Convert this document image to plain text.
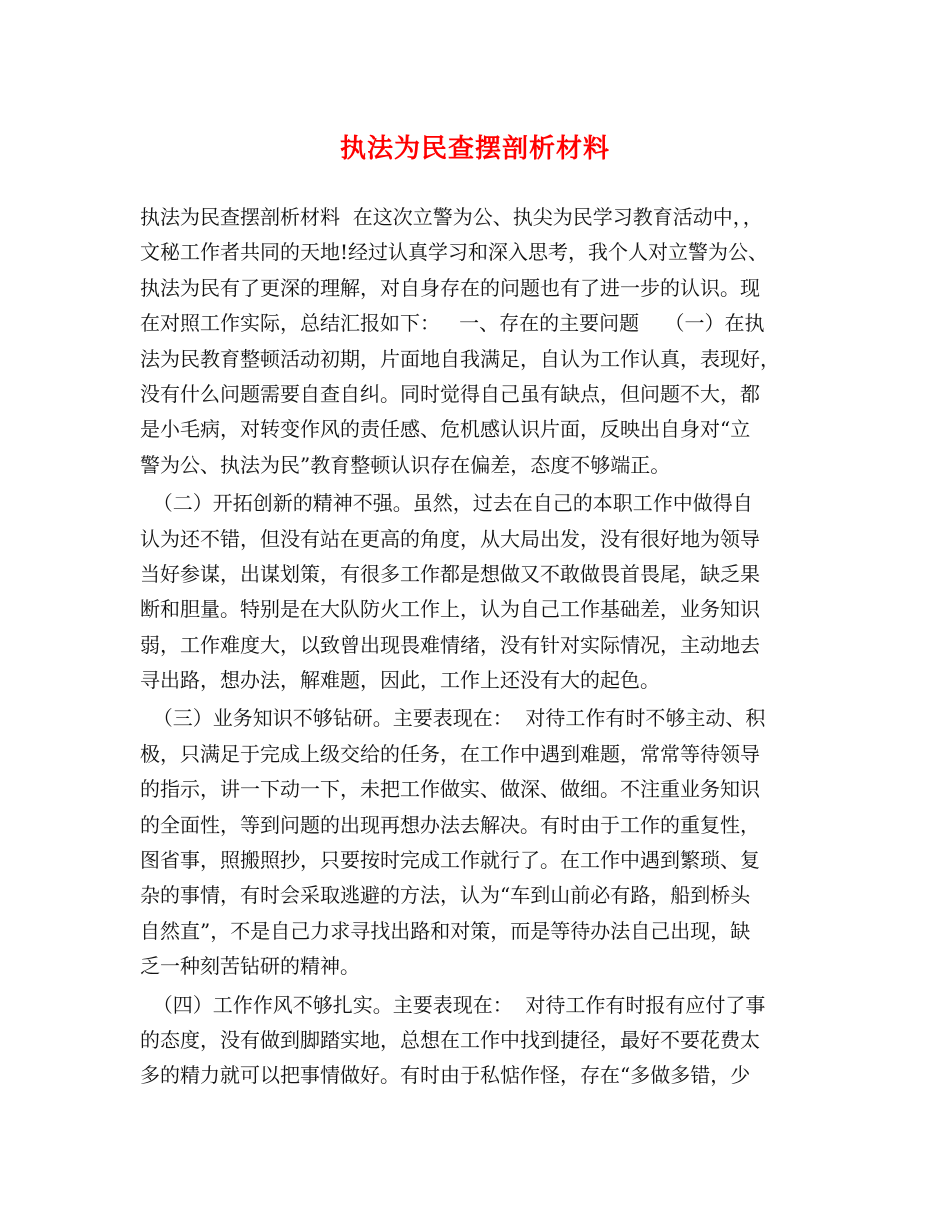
执法为民查摆剖析材料
执法为民查摆剖析材料  在这次立警为公、执尖为民学习教育活动中，，
文秘工作者共同的天地!经过认真学习和深入思考，我个人对立警为公、
执法为民有了更深的理解，对自身存在的问题也有了进一步的认识。现
在对照工作实际，总结汇报如下：   一、存在的主要问题    （一）在执
法为民教育整顿活动初期，片面地自我满足，自认为工作认真，表现好，
没有什么问题需要自查自纠。同时觉得自己虽有缺点，但问题不大，都
是小毛病，对转变作风的责任感、危机感认识片面，反映出自身对“立
警为公、执法为民”教育整顿认识存在偏差，态度不够端正。
（二）开拓创新的精神不强。虽然，过去在自己的本职工作中做得自
认为还不错，但没有站在更高的角度，从大局出发，没有很好地为领导
当好参谋，出谋划策，有很多工作都是想做又不敢做畏首畏尾，缺乏果
断和胆量。特别是在大队防火工作上，认为自己工作基础差，业务知识
弱，工作难度大，以致曾出现畏难情绪，没有针对实际情况，主动地去
寻出路，想办法，解难题，因此，工作上还没有大的起色。
（三）业务知识不够钻研。主要表现在：  对待工作有时不够主动、积
极，只满足于完成上级交给的任务，在工作中遇到难题，常常等待领导
的指示，讲一下动一下，未把工作做实、做深、做细。不注重业务知识
的全面性，等到问题的出现再想办法去解决。有时由于工作的重复性，
图省事，照搬照抄，只要按时完成工作就行了。在工作中遇到繁琐、复
杂的事情，有时会采取逃避的方法，认为“车到山前必有路，船到桥头
自然直”，不是自己力求寻找出路和对策，而是等待办法自己出现，缺
乏一种刻苦钻研的精神。
（四）工作作风不够扎实。主要表现在：  对待工作有时报有应付了事
的态度，没有做到脚踏实地，总想在工作中找到捷径，最好不要花费太
多的精力就可以把事情做好。有时由于私惦作怪，存在“多做多错，少
